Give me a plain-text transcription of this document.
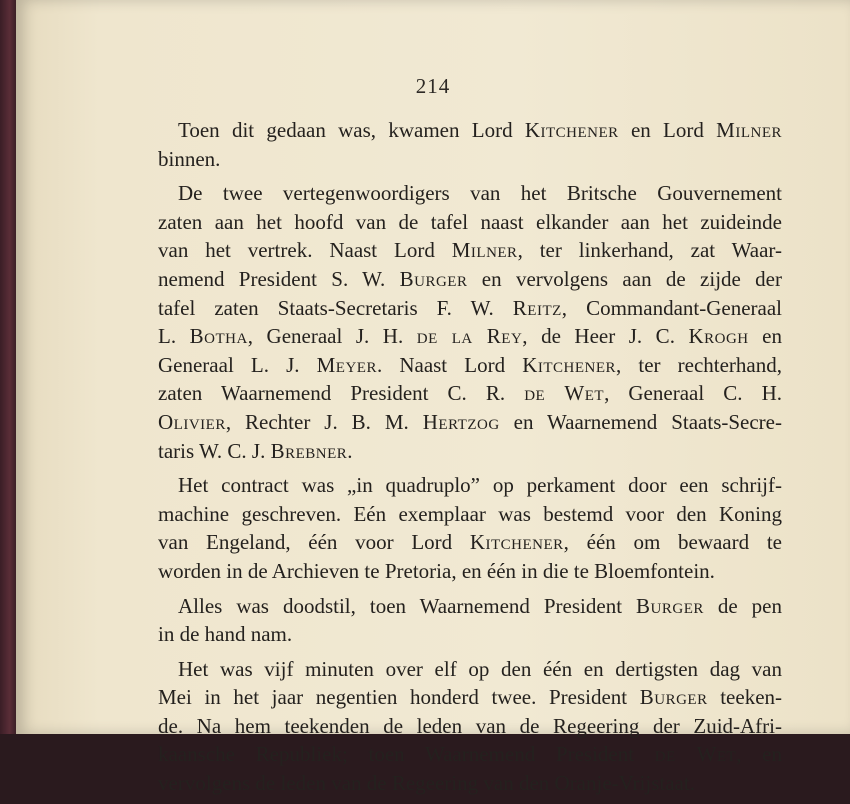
214
Toen dit gedaan was, kwamen Lord Kitchener en Lord Milner
binnen.
De twee vertegenwoordigers van het Britsche Gouvernement
zaten aan het hoofd van de tafel naast elkander aan het zuideinde
van het vertrek. Naast Lord Milner, ter linkerhand, zat Waar-
nemend President S. W. Burger en vervolgens aan de zijde der
tafel zaten Staats-Secretaris F. W. Reitz, Commandant-Generaal
L. Botha, Generaal J. H. de la Rey, de Heer J. C. Krogh en
Generaal L. J. Meyer. Naast Lord Kitchener, ter rechterhand,
zaten Waarnemend President C. R. de Wet, Generaal C. H.
Olivier, Rechter J. B. M. Hertzog en Waarnemend Staats-Secre-
taris W. C. J. Brebner.
Het contract was „in quadruplo” op perkament door een schrijf-
machine geschreven. Eén exemplaar was bestemd voor den Koning
van Engeland, één voor Lord Kitchener, één om bewaard te
worden in de Archieven te Pretoria, en één in die te Bloemfontein.
Alles was doodstil, toen Waarnemend President Burger de pen
in de hand nam.
Het was vijf minuten over elf op den één en dertigsten dag van
Mei in het jaar negentien honderd twee. President Burger teeken-
de. Na hem teekenden de leden van de Regeering der Zuid-Afri-
kaansche Republiek; toen Waarnemend President de Wet, en
vervolgens de leden van de Regeering van den Oranje-Vrijstaat.
